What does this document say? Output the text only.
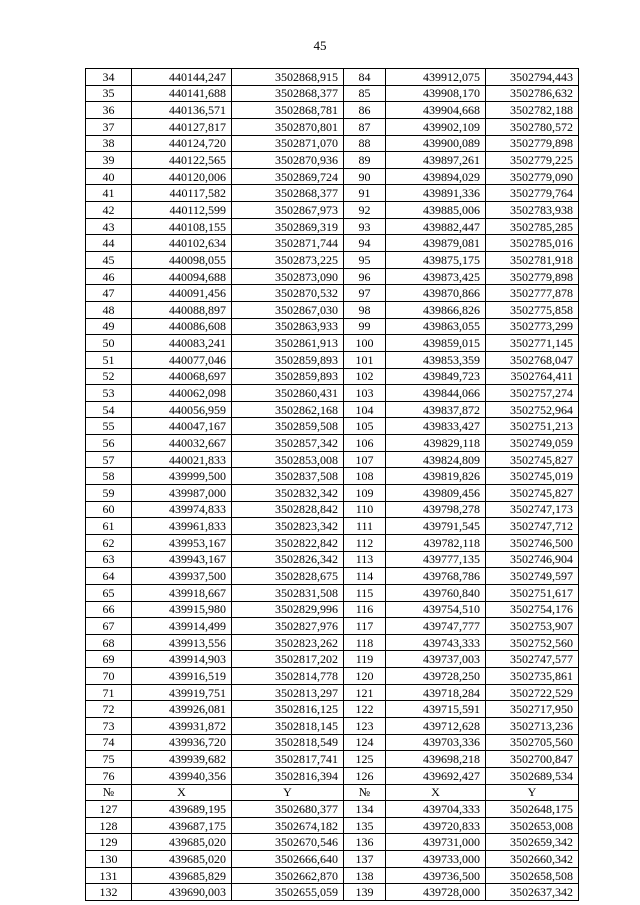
45
34	440144,247	3502868,915	84	439912,075	3502794,443
35	440141,688	3502868,377	85	439908,170	3502786,632
36	440136,571	3502868,781	86	439904,668	3502782,188
37	440127,817	3502870,801	87	439902,109	3502780,572
38	440124,720	3502871,070	88	439900,089	3502779,898
39	440122,565	3502870,936	89	439897,261	3502779,225
40	440120,006	3502869,724	90	439894,029	3502779,090
41	440117,582	3502868,377	91	439891,336	3502779,764
42	440112,599	3502867,973	92	439885,006	3502783,938
43	440108,155	3502869,319	93	439882,447	3502785,285
44	440102,634	3502871,744	94	439879,081	3502785,016
45	440098,055	3502873,225	95	439875,175	3502781,918
46	440094,688	3502873,090	96	439873,425	3502779,898
47	440091,456	3502870,532	97	439870,866	3502777,878
48	440088,897	3502867,030	98	439866,826	3502775,858
49	440086,608	3502863,933	99	439863,055	3502773,299
50	440083,241	3502861,913	100	439859,015	3502771,145
51	440077,046	3502859,893	101	439853,359	3502768,047
52	440068,697	3502859,893	102	439849,723	3502764,411
53	440062,098	3502860,431	103	439844,066	3502757,274
54	440056,959	3502862,168	104	439837,872	3502752,964
55	440047,167	3502859,508	105	439833,427	3502751,213
56	440032,667	3502857,342	106	439829,118	3502749,059
57	440021,833	3502853,008	107	439824,809	3502745,827
58	439999,500	3502837,508	108	439819,826	3502745,019
59	439987,000	3502832,342	109	439809,456	3502745,827
60	439974,833	3502828,842	110	439798,278	3502747,173
61	439961,833	3502823,342	111	439791,545	3502747,712
62	439953,167	3502822,842	112	439782,118	3502746,500
63	439943,167	3502826,342	113	439777,135	3502746,904
64	439937,500	3502828,675	114	439768,786	3502749,597
65	439918,667	3502831,508	115	439760,840	3502751,617
66	439915,980	3502829,996	116	439754,510	3502754,176
67	439914,499	3502827,976	117	439747,777	3502753,907
68	439913,556	3502823,262	118	439743,333	3502752,560
69	439914,903	3502817,202	119	439737,003	3502747,577
70	439916,519	3502814,778	120	439728,250	3502735,861
71	439919,751	3502813,297	121	439718,284	3502722,529
72	439926,081	3502816,125	122	439715,591	3502717,950
73	439931,872	3502818,145	123	439712,628	3502713,236
74	439936,720	3502818,549	124	439703,336	3502705,560
75	439939,682	3502817,741	125	439698,218	3502700,847
76	439940,356	3502816,394	126	439692,427	3502689,534
№	X	Y	№	X	Y
127	439689,195	3502680,377	134	439704,333	3502648,175
128	439687,175	3502674,182	135	439720,833	3502653,008
129	439685,020	3502670,546	136	439731,000	3502659,342
130	439685,020	3502666,640	137	439733,000	3502660,342
131	439685,829	3502662,870	138	439736,500	3502658,508
132	439690,003	3502655,059	139	439728,000	3502637,342
